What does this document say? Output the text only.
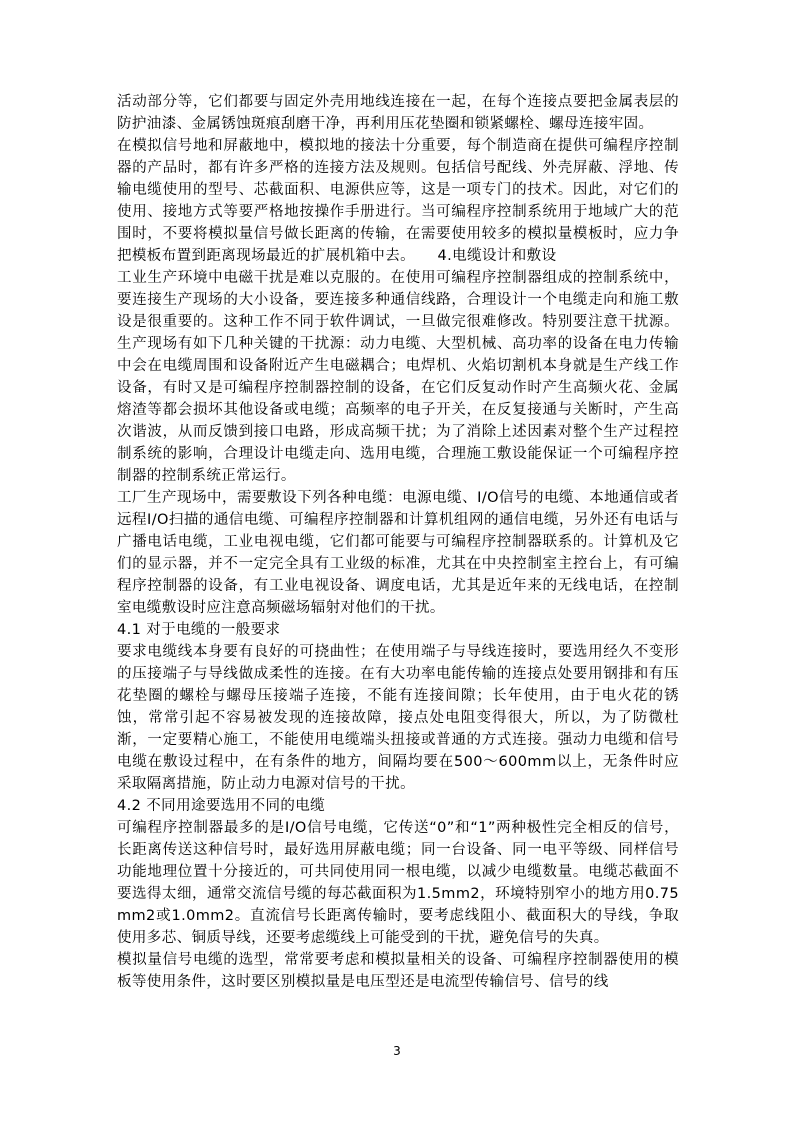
活动部分等，它们都要与固定外壳用地线连接在一起，在每个连接点要把金属表层的防护油漆、金属锈蚀斑痕刮磨干净，再利用压花垫圈和锁紧螺栓、螺母连接牢固。

在模拟信号地和屏蔽地中，模拟地的接法十分重要，每个制造商在提供可编程序控制器的产品时，都有许多严格的连接方法及规则。包括信号配线、外壳屏蔽、浮地、传输电缆使用的型号、芯截面积、电源供应等，这是一项专门的技术。因此，对它们的使用、接地方式等要严格地按操作手册进行。当可编程序控制系统用于地域广大的范围时，不要将模拟量信号做长距离的传输，在需要使用较多的模拟量模板时，应力争把模板布置到距离现场最近的扩展机箱中去。　　4.电缆设计和敷设

工业生产环境中电磁干扰是难以克服的。在使用可编程序控制器组成的控制系统中，要连接生产现场的大小设备，要连接多种通信线路，合理设计一个电缆走向和施工敷设是很重要的。这种工作不同于软件调试，一旦做完很难修改。特别要注意干扰源。生产现场有如下几种关键的干扰源：动力电缆、大型机械、高功率的设备在电力传输中会在电缆周围和设备附近产生电磁耦合；电焊机、火焰切割机本身就是生产线工作设备，有时又是可编程序控制器控制的设备，在它们反复动作时产生高频火花、金属熔渣等都会损坏其他设备或电缆；高频率的电子开关，在反复接通与关断时，产生高次谐波，从而反馈到接口电路，形成高频干扰；为了消除上述因素对整个生产过程控制系统的影响，合理设计电缆走向、选用电缆，合理施工敷设能保证一个可编程序控制器的控制系统正常运行。

工厂生产现场中，需要敷设下列各种电缆：电源电缆、I/O信号的电缆、本地通信或者远程I/O扫描的通信电缆、可编程序控制器和计算机组网的通信电缆，另外还有电话与广播电话电缆，工业电视电缆，它们都可能要与可编程序控制器联系的。计算机及它们的显示器，并不一定完全具有工业级的标准，尤其在中央控制室主控台上，有可编程序控制器的设备，有工业电视设备、调度电话，尤其是近年来的无线电话，在控制室电缆敷设时应注意高频磁场辐射对他们的干扰。

4.1 对于电缆的一般要求

要求电缆线本身要有良好的可挠曲性；在使用端子与导线连接时，要选用经久不变形的压接端子与导线做成柔性的连接。在有大功率电能传输的连接点处要用钢排和有压花垫圈的螺栓与螺母压接端子连接，不能有连接间隙；长年使用，由于电火花的锈蚀，常常引起不容易被发现的连接故障，接点处电阻变得很大，所以，为了防微杜渐，一定要精心施工，不能使用电缆端头扭接或普通的方式连接。强动力电缆和信号电缆在敷设过程中，在有条件的地方，间隔均要在500～600mm以上，无条件时应采取隔离措施，防止动力电源对信号的干扰。

4.2 不同用途要选用不同的电缆

可编程序控制器最多的是I/O信号电缆，它传送“0”和“1”两种极性完全相反的信号，长距离传送这种信号时，最好选用屏蔽电缆；同一台设备、同一电平等级、同样信号功能地理位置十分接近的，可共同使用同一根电缆，以减少电缆数量。电缆芯截面不要选得太细，通常交流信号缆的每芯截面积为1.5mm2，环境特别窄小的地方用0.75mm2或1.0mm2。直流信号长距离传输时，要考虑线阻小、截面积大的导线，争取使用多芯、铜质导线，还要考虑缆线上可能受到的干扰，避免信号的失真。

模拟量信号电缆的选型，常常要考虑和模拟量相关的设备、可编程序控制器使用的模板等使用条件，这时要区别模拟量是电压型还是电流型传输信号、信号的线

3
